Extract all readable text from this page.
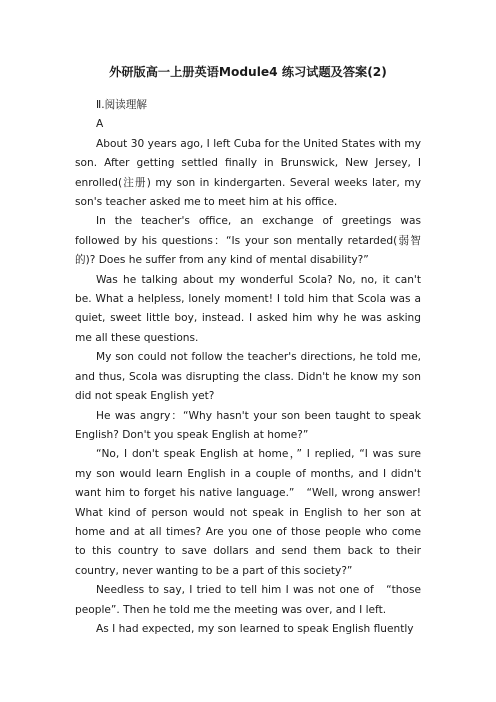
外研版高一上册英语Module4 练习试题及答案(2)

Ⅱ.阅读理解

A

About 30 years ago, I left Cuba for the United States with my son. After getting settled finally in Brunswick, New Jersey, I enrolled(注册) my son in kindergarten. Several weeks later, my son's teacher asked me to meet him at his office.

In the teacher's office, an exchange of greetings was followed by his questions：“Is your son mentally retarded(弱智的)? Does he suffer from any kind of mental disability?”

Was he talking about my wonderful Scola? No, no, it can't be. What a helpless, lonely moment! I told him that Scola was a quiet, sweet little boy, instead. I asked him why he was asking me all these questions.

My son could not follow the teacher's directions, he told me, and thus, Scola was disrupting the class. Didn't he know my son did not speak English yet?

He was angry：“Why hasn't your son been taught to speak English? Don't you speak English at home?”

“No, I don't speak English at home，” I replied, “I was sure my son would learn English in a couple of months, and I didn't want him to forget his native language.”　“Well, wrong answer! What kind of person would not speak in English to her son at home and at all times? Are you one of those people who come to this country to save dollars and send them back to their country, never wanting to be a part of this society?”

Needless to say, I tried to tell him I was not one of　“those people”. Then he told me the meeting was over, and I left.

As I had expected, my son learned to speak English fluently
